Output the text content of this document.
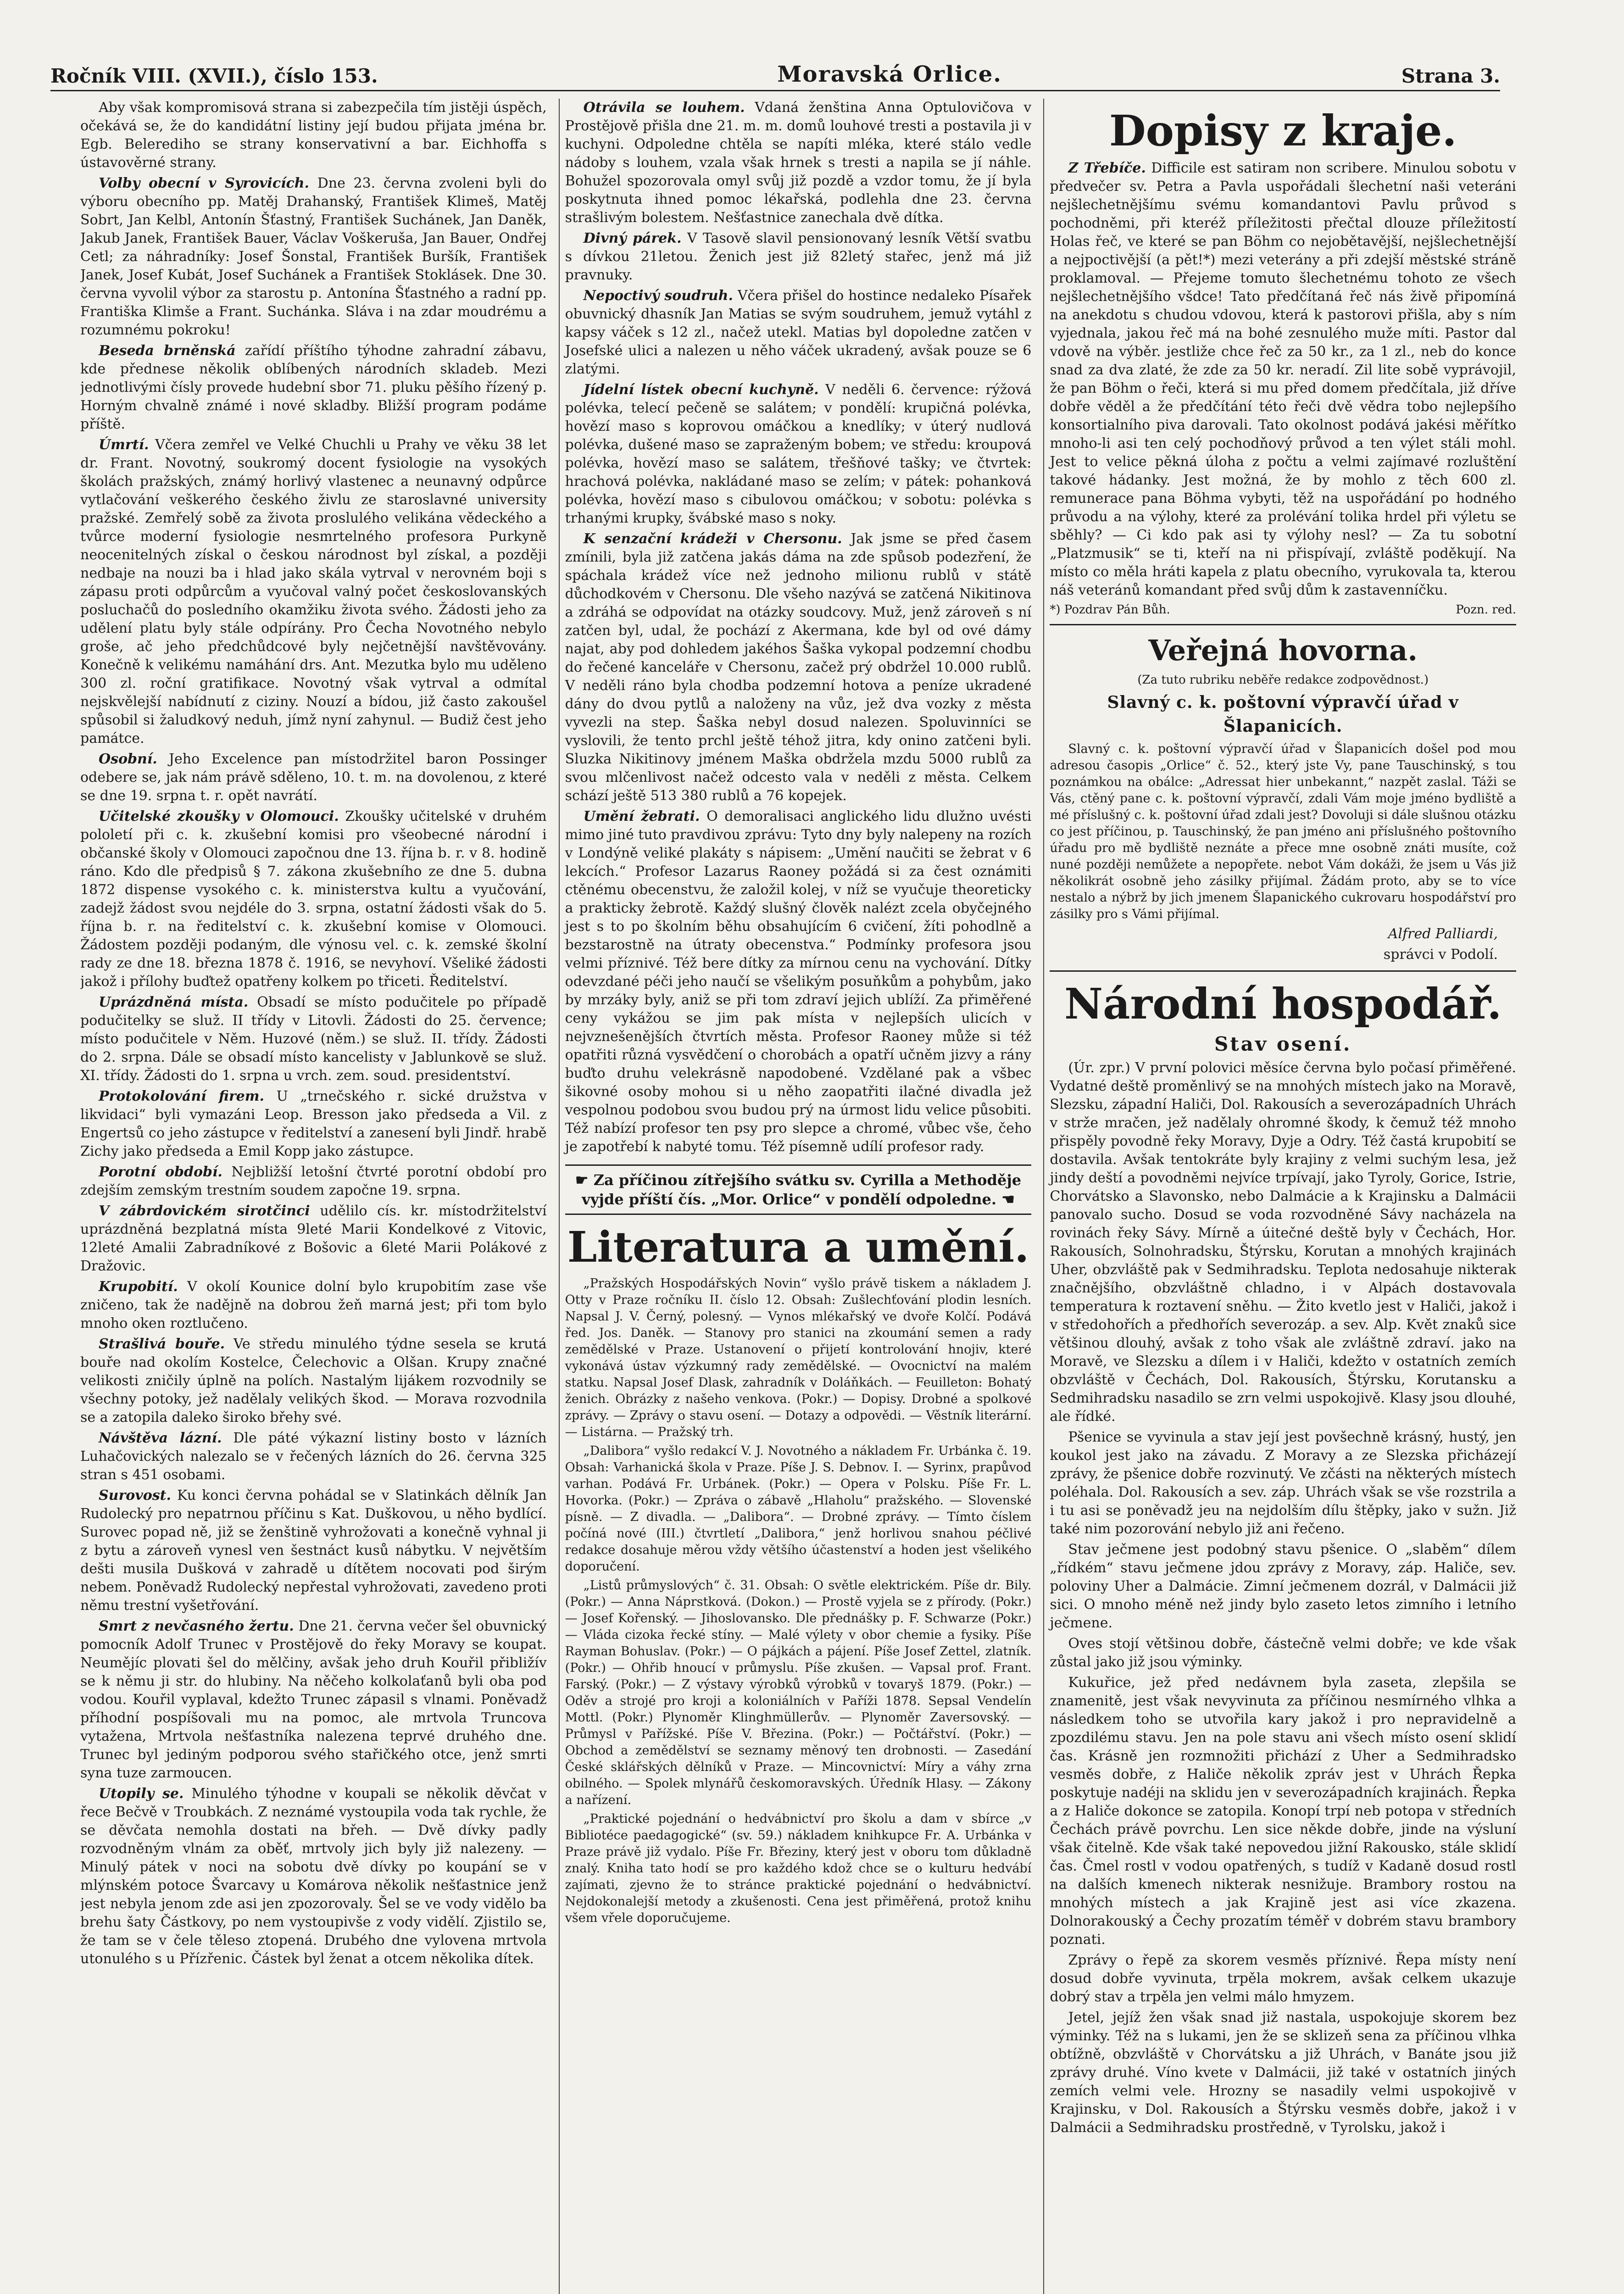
Ročník VIII. (XVII.), číslo 153.	Moravská Orlice.	Strana 3.

Aby však kompromisová strana si zabezpečila tím jistěji úspěch, očekává se, že do kandidátní listiny její budou přijata jména br. Egb. Belerediho se strany konservativní a bar. Eichhoffa s ústavověrné strany.

Volby obecní v Syrovicích. Dne 23. června zvoleni byli do výboru obecního pp. Matěj Drahanský, František Klimeš, Matěj Sobrt, Jan Kelbl, Antonín Šťastný, František Suchánek, Jan Daněk, Jakub Janek, František Bauer, Václav Voškeruša, Jan Bauer, Ondřej Cetl; za náhradníky: Josef Šonstal, František Buršík, František Janek, Josef Kubát, Josef Suchánek a František Stoklásek. Dne 30. června vyvolil výbor za starostu p. Antonína Šťastného a radní pp. Františka Klimše a Frant. Suchánka. Sláva i na zdar moudrému a rozumnému pokroku!

Beseda brněnská zařídí příštího týhodne zahradní zábavu, kde přednese několik oblíbených národních skladeb. Mezi jednotlivými čísly provede hudební sbor 71. pluku pěšího řízený p. Horným chvalně známé i nové skladby. Bližší program podáme příště.

Úmrtí. Včera zemřel ve Velké Chuchli u Prahy ve věku 38 let dr. Frant. Novotný, soukromý docent fysiologie na vysokých školách pražských, známý horlivý vlastenec a neunavný odpůrce vytlačování veškerého českého živlu ze staroslavné university pražské. Zemřelý sobě za života proslulého velikána vědeckého a tvůrce moderní fysiologie nesmrtelného profesora Purkyně neocenitelných získal o českou národnost byl získal, a později nedbaje na nouzi ba i hlad jako skála vytrval v nerovném boji s zápasu proti odpůrcům a vyučoval valný počet českoslovanských posluchačů do posledního okamžiku života svého. Žádosti jeho za udělení platu byly stále odpírány. Pro Čecha Novotného nebylo groše, ač jeho předchůdcové byly nejčetnější navštěvovány. Konečně k velikému namáhání drs. Ant. Mezutka bylo mu uděleno 300 zl. roční gratifikace. Novotný však vytrval a odmítal nejskvělejší nabídnutí z ciziny. Nouzí a bídou, již často zakoušel spůsobil si žaludkový neduh, jímž nyní zahynul. — Budiž čest jeho památce.

Osobní. Jeho Excelence pan místodržitel baron Possinger odebere se, jak nám právě sděleno, 10. t. m. na dovolenou, z které se dne 19. srpna t. r. opět navrátí.

Učitelské zkoušky v Olomouci. Zkoušky učitelské v druhém pololetí při c. k. zkušební komisi pro všeobecné národní i občanské školy v Olomouci započnou dne 13. října b. r. v 8. hodině ráno. Kdo dle předpisů § 7. zákona zkušebního ze dne 5. dubna 1872 dispense vysokého c. k. ministerstva kultu a vyučování, zadejž žádost svou nejdéle do 3. srpna, ostatní žádosti však do 5. října b. r. na ředitelství c. k. zkušební komise v Olomouci. Žádostem později podaným, dle výnosu vel. c. k. zemské školní rady ze dne 18. března 1878 č. 1916, se nevyhoví. Všeliké žádosti jakož i přílohy buďtež opatřeny kolkem po třiceti. Ředitelství.

Uprázdněná místa. Obsadí se místo podučitele po případě podučitelky se služ. II třídy v Litovli. Žádosti do 25. července; místo podučitele v Něm. Huzové (něm.) se služ. II. třídy. Žádosti do 2. srpna. Dále se obsadí místo kancelisty v Jablunkově se služ. XI. třídy. Žádosti do 1. srpna u vrch. zem. soud. presidentství.

Protokolování firem. U „trnečského r. sické družstva v likvidaci“ byli vymazáni Leop. Bresson jako předseda a Vil. z Engertsů co jeho zástupce v ředitelství a zanesení byli Jindř. hrabě Zichy jako předseda a Emil Kopp jako zástupce.

Porotní období. Nejbližší letošní čtvrté porotní období pro zdejším zemským trestním soudem započne 19. srpna.

V zábrdovickém sirotčinci udělilo cís. kr. místodržitelství uprázdněná bezplatná místa 9leté Marii Kondelkové z Vitovic, 12leté Amalii Zabradníkové z Bošovic a 6leté Marii Polákové z Dražovic.

Krupobití. V okolí Kounice dolní bylo krupobitím zase vše zničeno, tak že nadějně na dobrou žeň marná jest; při tom bylo mnoho oken roztlučeno.

Strašlivá bouře. Ve středu minulého týdne sesela se krutá bouře nad okolím Kostelce, Čelechovic a Olšan. Krupy značné velikosti zničily úplně na polích. Nastalým lijákem rozvodnily se všechny potoky, jež nadělaly velikých škod. — Morava rozvodnila se a zatopila daleko široko břehy své.

Návštěva lázní. Dle páté výkazní listiny bosto v lázních Luhačovických nalezalo se v řečených lázních do 26. června 325 stran s 451 osobami.

Surovost. Ku konci června pohádal se v Slatinkách dělník Jan Rudolecký pro nepatrnou příčinu s Kat. Duškovou, u něho bydlící. Surovec popad ně, již se ženštině vyhrožovati a konečně vyhnal ji z bytu a zároveň vynesl ven šestnáct kusů nábytku. V největším dešti musila Dušková v zahradě u dítětem nocovati pod širým nebem. Poněvadž Rudolecký nepřestal vyhrožovati, zavedeno proti němu trestní vyšetřování.

Smrt z nevčasného žertu. Dne 21. června večer šel obuvnický pomocník Adolf Trunec v Prostějově do řeky Moravy se koupat. Neumějíc plovati šel do mělčiny, avšak jeho druh Kouřil přibližív se k němu ji str. do hlubiny. Na něčeho kolkolaťanů byli oba pod vodou. Kouřil vyplaval, kdežto Trunec zápasil s vlnami. Poněvadž příhodní pospíšovali mu na pomoc, ale mrtvola Truncova vytažena, Mrtvola nešťastníka nalezena teprvé druhého dne. Trunec byl jediným podporou svého stařičkého otce, jenž smrti syna tuze zarmoucen.

Utopily se. Minulého týhodne v koupali se několik děvčat v řece Bečvě v Troubkách. Z neznámé vystoupila voda tak rychle, že se děvčata nemohla dostati na břeh. — Dvě dívky padly rozvodněným vlnám za oběť, mrtvoly jich byly již nalezeny. — Minulý pátek v noci na sobotu dvě dívky po koupání se v mlýnském potoce Švarcavy u Komárova několik nešťastnice jenž jest nebyla jenom zde asi jen zpozorovaly. Šel se ve vody vidělo ba brehu šaty Částkovy, po nem vystoupivše z vody vidělí. Zjistilo se, že tam se v čele těleso ztopená. Drubého dne vylovena mrtvola utonulého s u Přízřenic. Částek byl ženat a otcem několika dítek.

Otrávila se louhem. Vdaná ženština Anna Optulovičova v Prostějově přišla dne 21. m. m. domů louhové tresti a postavila ji v kuchyni. Odpoledne chtěla se napíti mléka, které stálo vedle nádoby s louhem, vzala však hrnek s tresti a napila se jí náhle. Bohužel spozorovala omyl svůj již pozdě a vzdor tomu, že jí byla poskytnuta ihned pomoc lékařská, podlehla dne 23. června strašlivým bolestem. Nešťastnice zanechala dvě dítka.

Divný párek. V Tasově slavil pensionovaný lesník Větší svatbu s dívkou 21letou. Ženich jest již 82letý stařec, jenž má již pravnuky.

Nepoctivý soudruh. Včera přišel do hostince nedaleko Písařek obuvnický dhasník Jan Matias se svým soudruhem, jemuž vytáhl z kapsy váček s 12 zl., načež utekl. Matias byl dopoledne zatčen v Josefské ulici a nalezen u něho váček ukradený, avšak pouze se 6 zlatými.

Jídelní lístek obecní kuchyně. V neděli 6. července: rýžová polévka, telecí pečeně se salátem; v pondělí: krupičná polévka, hovězí maso s koprovou omáčkou a knedlíky; v úterý nudlová polévka, dušené maso se zapraženým bobem; ve středu: kroupová polévka, hovězí maso se salátem, třešňové tašky; ve čtvrtek: hrachová polévka, nakládané maso se zelím; v pátek: pohanková polévka, hovězí maso s cibulovou omáčkou; v sobotu: polévka s trhanými krupky, švábské maso s noky.

K senzační krádeži v Chersonu. Jak jsme se před časem zmínili, byla již zatčena jakás dáma na zde spůsob podezření, že spáchala krádež více než jednoho milionu rublů v státě důchodkovém v Chersonu. Dle všeho nazývá se zatčená Nikitinova a zdráhá se odpovídat na otázky soudcovy. Muž, jenž zároveň s ní zatčen byl, udal, že pochází z Akermana, kde byl od ové dámy najat, aby pod dohledem jakéhos Šaška vykopal podzemní chodbu do řečené kanceláře v Chersonu, začež prý obdržel 10.000 rublů. V neděli ráno byla chodba podzemní hotova a peníze ukradené dány do dvou pytlů a naloženy na vůz, jež dva vozky z města vyvezli na step. Šaška nebyl dosud nalezen. Spoluvinníci se vyslovili, že tento prchl ještě téhož jitra, kdy onino zatčeni byli. Sluzka Nikitinovy jménem Maška obdržela mzdu 5000 rublů za svou mlčenlivost načež odcesto vala v neděli z města. Celkem schází ještě 513 380 rublů a 76 kopejek.

Umění žebrati. O demoralisaci anglického lidu dlužno uvésti mimo jiné tuto pravdivou zprávu: Tyto dny byly nalepeny na rozích v Londýně veliké plakáty s nápisem: „Umění naučiti se žebrat v 6 lekcích.“ Profesor Lazarus Raoney požádá si za čest oznámiti ctěnému obecenstvu, že založil kolej, v níž se vyučuje theoreticky a prakticky žebrotě. Každý slušný člověk nalézt zcela obyčejného jest s to po školním běhu obsahujícím 6 cvičení, žíti pohodlně a bezstarostně na útraty obecenstva.“ Podmínky profesora jsou velmi příznivé. Též bere dítky za mírnou cenu na vychování. Dítky odevzdané péči jeho naučí se všelikým posuňkům a pohybům, jako by mrzáky byly, aniž se při tom zdraví jejich ublíží. Za přiměřené ceny vykážou se jim pak místa v nejlepších ulicích v nejvznešenějších čtvrtích města. Profesor Raoney může si též opatřiti různá vysvědčení o chorobách a opatří učněm jizvy a rány buďto druhu velekrásně napodobené. Vzdělané pak a všbec šikovné osoby mohou si u něho zaopatřiti ilačné divadla jež vespolnou podobou svou budou prý na úrmost lidu velice působiti. Též nabízí profesor ten psy pro slepce a chromé, vůbec vše, čeho je zapotřebí k nabyté tomu. Též písemně udílí profesor rady.

☛ Za příčinou zítřejšího svátku sv. Cyrilla a Methoděje vyjde příští čís. „Mor. Orlice“ v pondělí odpoledne. ☚
Literatura a umění.

„Pražských Hospodářských Novin“ vyšlo právě tiskem a nákladem J. Otty v Praze ročníku II. číslo 12. Obsah: Zušlechťování plodin lesních. Napsal J. V. Černý, polesný. — Vynos mlékařský ve dvoře Kolčí. Podává řed. Jos. Daněk. — Stanovy pro stanici na zkoumání semen a rady zemědělské v Praze. Ustanovení o přijetí kontrolování hnojiv, které vykonává ústav výzkumný rady zemědělské. — Ovocnictví na malém statku. Napsal Josef Dlask, zahradník v Doláňkách. — Feuilleton: Bohatý ženich. Obrázky z našeho venkova. (Pokr.) — Dopisy. Drobné a spolkové zprávy. — Zprávy o stavu osení. — Dotazy a odpovědi. — Věstník literární. — Listárna. — Pražský trh.

„Dalibora“ vyšlo redakcí V. J. Novotného a nákladem Fr. Urbánka č. 19. Obsah: Varhanická škola v Praze. Píše J. S. Debnov. I. — Syrinx, prapůvod varhan. Podává Fr. Urbánek. (Pokr.) — Opera v Polsku. Píše Fr. L. Hovorka. (Pokr.) — Zpráva o zábavě „Hlaholu“ pražského. — Slovenské písně. — Z divadla. — „Dalibora“. — Drobné zprávy. — Tímto číslem počíná nové (III.) čtvrtletí „Dalibora,“ jenž horlivou snahou péčlivé redakce dosahuje měrou vždy většího účastenství a hoden jest všelikého doporučení.

„Listů průmyslových“ č. 31. Obsah: O světle elektrickém. Píše dr. Bily. (Pokr.) — Anna Náprstková. (Dokon.) — Prostě vyjela se z přírody. (Pokr.) — Josef Kořenský. — Jihoslovansko. Dle přednášky p. F. Schwarze (Pokr.) — Vláda cizoka řecké stíny. — Malé výlety v obor chemie a fysiky. Píše Rayman Bohuslav. (Pokr.) — O pájkách a pájení. Píše Josef Zettel, zlatník. (Pokr.) — Ohřib hnoucí v průmyslu. Píše zkušen. — Vapsal prof. Frant. Farský. (Pokr.) — Z výstavy výrobků výrobků v tovaryš 1879. (Pokr.) — Oděv a strojé pro kroji a koloniálních v Paříži 1878. Sepsal Vendelín Mottl. (Pokr.) Plynoměr Klinghmüllerův. — Plynoměr Zaversovský. — Průmysl v Pařížské. Píše V. Březina. (Pokr.) — Počtářství. (Pokr.) — Obchod a zemědělství se seznamy měnový ten drobnosti. — Zasedání České sklářských dělníků v Praze. — Mincovnictví: Míry a váhy zrna obilného. — Spolek mlynářů českomoravských. Úředník Hlasy. — Zákony a nařízení.

„Praktické pojednání o hedvábnictví pro školu a dam v sbírce „v Bibliotéce paedagogické“ (sv. 59.) nákladem knihkupce Fr. A. Urbánka v Praze právě již vydalo. Píše Fr. Březiny, který jest v oboru tom důkladně znalý. Kniha tato hodí se pro každého kdož chce se o kulturu hedvábí zajímati, zjevno že to stránce praktické pojednání o hedvábnictví. Nejdokonalejší metody a zkušenosti. Cena jest přiměřená, protož knihu všem vřele doporučujeme.

Dopisy z kraje.

Z Třebíče. Difficile est satiram non scribere. Minulou sobotu v předvečer sv. Petra a Pavla uspořádali šlechetní naši veteráni nejšlechetnějšímu svému komandantovi Pavlu průvod s pochodněmi, při kteréž příležitosti přečtal dlouze příležitostí Holas řeč, ve které se pan Böhm co nejobětavější, nejšlechetnější a nejpoctivější (a pět!*) mezi veterány a při zdejší městské stráně proklamoval. — Přejeme tomuto šlechetnému tohoto ze všech nejšlechetnějšího všdce! Tato předčítaná řeč nás živě připomíná na anekdotu s chudou vdovou, která k pastorovi přišla, aby s ním vyjednala, jakou řeč má na bohé zesnulého muže míti. Pastor dal vdově na výběr. jestliže chce řeč za 50 kr., za 1 zl., neb do konce snad za dva zlaté, že zde za 50 kr. neradí. Zil lite sobě vyprávojil, že pan Böhm o řeči, která si mu před domem předčítala, již dříve dobře věděl a že předčítání této řeči dvě vědra tobo nejlepšího konsortialního piva darovali. Tato okolnost podává jakési měřítko mnoho-li asi ten celý pochodňový průvod a ten výlet stáli mohl. Jest to velice pěkná úloha z počtu a velmi zajímavé rozluštění takové hádanky. Jest možná, že by mohlo z těch 600 zl. remunerace pana Böhma vybyti, těž na uspořádání po hodného průvodu a na výlohy, které za prolévání tolika hrdel při výletu se sběhly? — Ci kdo pak asi ty výlohy nesl? — Za tu sobotní „Platzmusik“ se ti, kteří na ni přispívají, zvláště poděkují. Na místo co měla hráti kapela z platu obecního, vyrukovala ta, kterou náš veteránů komandant před svůj dům k zastavenníčku.

*) Pozdrav Pán Bůh.	Pozn. red.
Veřejná hovorna.
(Za tuto rubriku neběře redakce zodpovědnost.)
Slavný c. k. poštovní výpravčí úřad v Šlapanicích.

Slavný c. k. poštovní výpravčí úřad v Šlapanicích došel pod mou adresou časopis „Orlice“ č. 52., který jste Vy, pane Tauschinský, s tou poznámkou na obálce: „Adressat hier unbekannt,“ nazpět zaslal. Táži se Vás, ctěný pane c. k. poštovní výpravčí, zdali Vám moje jméno bydliště a mé příslušný c. k. poštovní úřad zdali jest? Dovoluji si dále slušnou otázku co jest příčinou, p. Tauschinský, že pan jméno ani příslušného poštovního úřadu pro mě bydliště neznáte a přece mne osobně znáti musíte, což nuné později nemůžete a nepopřete. nebot Vám dokáži, že jsem u Vás již několikrát osobně jeho zásilky přijímal. Žádám proto, aby se to více nestalo a nýbrž by jich jmenem Šlapanického cukrovaru hospodářství pro zásilky pro s Vámi přijímal.

Alfred Palliardi,

správci v Podolí.

Národní hospodář.
Stav osení.

(Úr. zpr.) V první polovici měsíce června bylo počasí přiměřené. Vydatné deště proměnlivý se na mnohých místech jako na Moravě, Slezsku, západní Haliči, Dol. Rakousích a severozápadních Uhrách v strže mračen, jež nadělaly ohromné škody, k čemuž též mnoho přispěly povodně řeky Moravy, Dyje a Odry. Též častá krupobití se dostavila. Avšak tentokráte byly krajiny z velmi suchým lesa, jež jindy deští a povodněmi nejvíce trpívají, jako Tyroly, Gorice, Istrie, Chorvátsko a Slavonsko, nebo Dalmácie a k Krajinsku a Dalmácii panovalo sucho. Dosud se voda rozvodněné Sávy nacházela na rovinách řeky Sávy. Mírně a úitečné deště byly v Čechách, Hor. Rakousích, Solnohradsku, Štýrsku, Korutan a mnohých krajinách Uher, obzvláště pak v Sedmihradsku. Teplota nedosahuje nikterak značnějšího, obzvláštně chladno, i v Alpách dostavovala temperatura k roztavení sněhu. — Žito kvetlo jest v Haliči, jakož i v středohořích a předhořích severozáp. a sev. Alp. Květ znaků sice většinou dlouhý, avšak z toho však ale zvláštně zdraví. jako na Moravě, ve Slezsku a dílem i v Haliči, kdežto v ostatních zemích obzvláště v Čechách, Dol. Rakousích, Štýrsku, Korutansku a Sedmihradsku nasadilo se zrn velmi uspokojivě. Klasy jsou dlouhé, ale řídké.

Pšenice se vyvinula a stav její jest povšechně krásný, hustý, jen koukol jest jako na závadu. Z Moravy a ze Slezska přicházejí zprávy, že pšenice dobře rozvinutý. Ve zčásti na některých místech poléhala. Dol. Rakousích a sev. záp. Uhrách však se vše rozstrila a i tu asi se poněvadž jeu na nejdolším dílu štěpky, jako v sužn. Již také nim pozorování nebylo již ani řečeno.

Stav ječmene jest podobný stavu pšenice. O „slaběm“ dílem „řídkém“ stavu ječmene jdou zprávy z Moravy, záp. Haliče, sev. poloviny Uher a Dalmácie. Zimní ječmenem dozrál, v Dalmácii již sici. O mnoho méně než jindy bylo zaseto letos zimního i letního ječmene.

Oves stojí většinou dobře, částečně velmi dobře; ve kde však zůstal jako již jsou výminky.

Kukuřice, jež před nedávnem byla zaseta, zlepšila se znamenitě, jest však nevyvinuta za příčinou nesmírného vlhka a následkem toho se utvořila kary jakož i pro nepravidelně a zpozdilému stavu. Jen na pole stavu ani všech místo osení sklidí čas. Krásně jen rozmnožiti přichází z Uher a Sedmihradsko vesměs dobře, z Haliče několik zpráv jest v Uhrách Řepka poskytuje nadéji na sklidu jen v severozápadních krajinách. Řepka a z Haliče dokonce se zatopila. Konopí trpí neb potopa v středních Čechách právě povrchu. Len sice někde dobře, jinde na výsluní však čitelně. Kde však také nepovedou jižní Rakousko, stále sklidí čas. Čmel rostl v vodou opatřených, s tudíž v Kadaně dosud rostl na dalších kmenech nikterak nesnižuje. Brambory rostou na mnohých místech a jak Krajině jest asi více zkazena. Dolnorakouský a Čechy prozatím téměř v dobrém stavu brambory poznati.

Zprávy o řepě za skorem vesměs příznivé. Řepa místy není dosud dobře vyvinuta, trpěla mokrem, avšak celkem ukazuje dobrý stav a trpěla jen velmi málo hmyzem.

Jetel, jejíž žen však snad již nastala, uspokojuje skorem bez výminky. Též na s lukami, jen že se sklizeň sena za příčinou vlhka obtížně, obzvláště v Chorvátsku a již Uhrách, v Banáte jsou již zprávy druhé. Víno kvete v Dalmácii, již také v ostatních jiných zemích velmi vele. Hrozny se nasadily velmi uspokojivě v Krajinsku, v Dol. Rakousích a Štýrsku vesměs dobře, jakož i v Dalmácii a Sedmihradsku prostředně, v Tyrolsku, jakož i
